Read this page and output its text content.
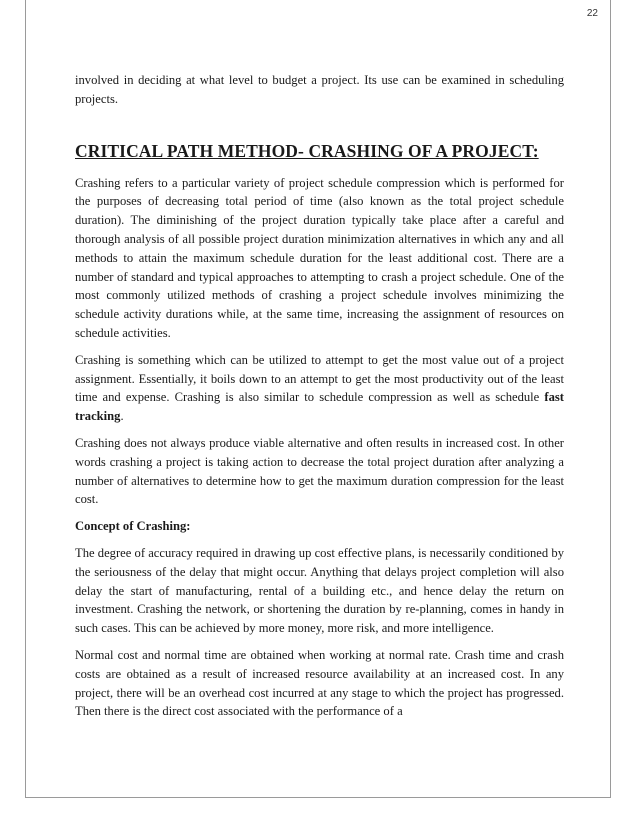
22

involved in deciding at what level to budget a project. Its use can be examined in scheduling projects.

CRITICAL PATH METHOD- CRASHING OF A PROJECT:

Crashing refers to a particular variety of project schedule compression which is performed for the purposes of decreasing total period of time (also known as the total project schedule duration). The diminishing of the project duration typically take place after a careful and thorough analysis of all possible project duration minimization alternatives in which any and all methods to attain the maximum schedule duration for the least additional cost. There are a number of standard and typical approaches to attempting to crash a project schedule. One of the most commonly utilized methods of crashing a project schedule involves minimizing the schedule activity durations while, at the same time, increasing the assignment of resources on schedule activities.

Crashing is something which can be utilized to attempt to get the most value out of a project assignment. Essentially, it boils down to an attempt to get the most productivity out of the least time and expense. Crashing is also similar to schedule compression as well as schedule fast tracking.

Crashing does not always produce viable alternative and often results in increased cost. In other words crashing a project is taking action to decrease the total project duration after analyzing a number of alternatives to determine how to get the maximum duration compression for the least cost.

Concept of Crashing:

The degree of accuracy required in drawing up cost effective plans, is necessarily conditioned by the seriousness of the delay that might occur. Anything that delays project completion will also delay the start of manufacturing, rental of a building etc., and hence delay the return on investment. Crashing the network, or shortening the duration by re-planning, comes in handy in such cases. This can be achieved by more money, more risk, and more intelligence.

Normal cost and normal time are obtained when working at normal rate. Crash time and crash costs are obtained as a result of increased resource availability at an increased cost. In any project, there will be an overhead cost incurred at any stage to which the project has progressed. Then there is the direct cost associated with the performance of a
